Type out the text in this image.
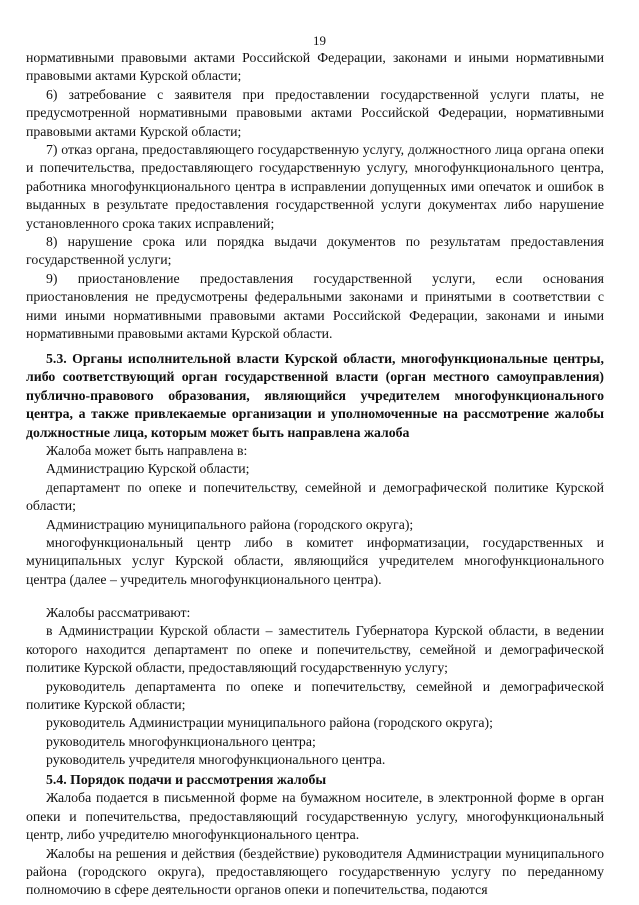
19

нормативными правовыми актами Российской Федерации, законами и иными нормативными правовыми актами Курской области;

6) затребование с заявителя при предоставлении государственной услуги платы, не предусмотренной нормативными правовыми актами Российской Федерации, нормативными правовыми актами Курской области;

7) отказ органа, предоставляющего государственную услугу, должностного лица органа опеки и попечительства, предоставляющего государственную услугу, многофункционального центра, работника многофункционального центра в исправлении допущенных ими опечаток и ошибок в выданных в результате предоставления государственной услуги документах либо нарушение установленного срока таких исправлений;

8) нарушение срока или порядка выдачи документов по результатам предоставления государственной услуги;

9) приостановление предоставления государственной услуги, если основания приостановления не предусмотрены федеральными законами и принятыми в соответствии с ними иными нормативными правовыми актами Российской Федерации, законами и иными нормативными правовыми актами Курской области.

5.3. Органы исполнительной власти Курской области, многофункциональные центры, либо соответствующий орган государственной власти (орган местного самоуправления) публично-правового образования, являющийся учредителем многофункционального центра, а также привлекаемые организации и уполномоченные на рассмотрение жалобы должностные лица, которым может быть направлена жалоба

Жалоба может быть направлена в:

Администрацию Курской области;

департамент по опеке и попечительству, семейной и демографической политике Курской области;

Администрацию муниципального района (городского округа);

многофункциональный центр либо в комитет информатизации, государственных и муниципальных услуг Курской области, являющийся учредителем многофункционального центра (далее – учредитель многофункционального центра).

Жалобы рассматривают:

в Администрации Курской области – заместитель Губернатора Курской области, в ведении которого находится департамент по опеке и попечительству, семейной и демографической политике Курской области, предоставляющий государственную услугу;

руководитель департамента по опеке и попечительству, семейной и демографической политике Курской области;

руководитель Администрации муниципального района (городского округа);

руководитель многофункционального центра;

руководитель учредителя многофункционального центра.

5.4. Порядок подачи и рассмотрения жалобы

Жалоба подается в письменной форме на бумажном носителе, в электронной форме в орган опеки и попечительства, предоставляющий государственную услугу, многофункциональный центр, либо учредителю многофункционального центра.

Жалобы на решения и действия (бездействие) руководителя Администрации муниципального района (городского округа), предоставляющего государственную услугу по переданному полномочию в сфере деятельности органов опеки и попечительства, подаются
